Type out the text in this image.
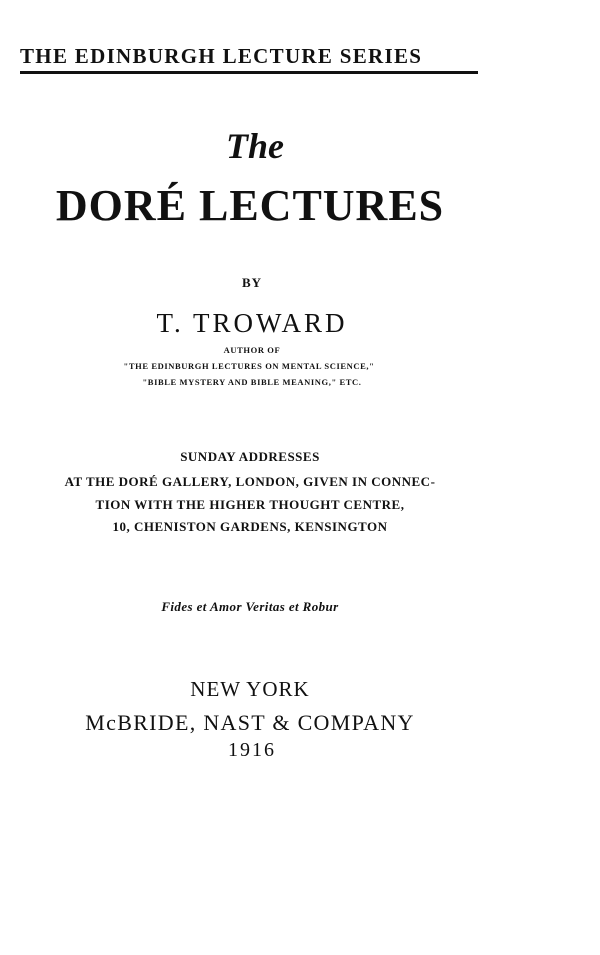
THE EDINBURGH LECTURE SERIES
The
DORÉ LECTURES
BY
T. TROWARD
AUTHOR OF
"THE EDINBURGH LECTURES ON MENTAL SCIENCE,"
"BIBLE MYSTERY AND BIBLE MEANING," ETC.
SUNDAY ADDRESSES
AT THE DORÉ GALLERY, LONDON, GIVEN IN CONNEC-
TION WITH THE HIGHER THOUGHT CENTRE,
10, CHENISTON GARDENS, KENSINGTON
Fides et Amor Veritas et Robur
NEW YORK
McBRIDE, NAST & COMPANY
1916
